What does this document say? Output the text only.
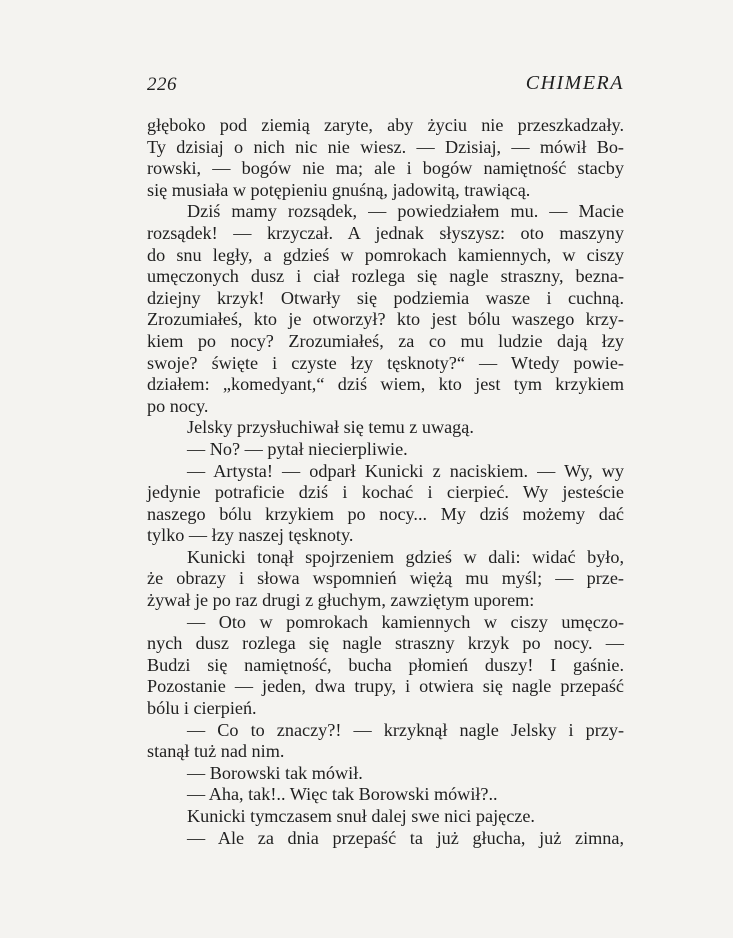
226	CHIMERA
głęboko pod ziemią zaryte, aby życiu nie przeszkadzały.
Ty dzisiaj o nich nic nie wiesz. — Dzisiaj, — mówił Bo-
rowski, — bogów nie ma; ale i bogów namiętność stacby
się musiała w potępieniu gnuśną, jadowitą, trawiącą.
Dziś mamy rozsądek, — powiedziałem mu. — Macie
rozsądek! — krzyczał. A jednak słyszysz: oto maszyny
do snu legły, a gdzieś w pomrokach kamiennych, w ciszy
umęczonych dusz i ciał rozlega się nagle straszny, bezna-
dziejny krzyk! Otwarły się podziemia wasze i cuchną.
Zrozumiałeś, kto je otworzył? kto jest bólu waszego krzy-
kiem po nocy? Zrozumiałeś, za co mu ludzie dają łzy
swoje? święte i czyste łzy tęsknoty?“ — Wtedy powie-
działem: „komedyant,“ dziś wiem, kto jest tym krzykiem
po nocy.
Jelsky przysłuchiwał się temu z uwagą.
— No? — pytał niecierpliwie.
— Artysta! — odparł Kunicki z naciskiem. — Wy, wy
jedynie potraficie dziś i kochać i cierpieć. Wy jesteście
naszego bólu krzykiem po nocy... My dziś możemy dać
tylko — łzy naszej tęsknoty.
Kunicki tonął spojrzeniem gdzieś w dali: widać było,
że obrazy i słowa wspomnień więżą mu myśl; — prze-
żywał je po raz drugi z głuchym, zawziętym uporem:
— Oto w pomrokach kamiennych w ciszy umęczo-
nych dusz rozlega się nagle straszny krzyk po nocy. —
Budzi się namiętność, bucha płomień duszy! I gaśnie.
Pozostanie — jeden, dwa trupy, i otwiera się nagle przepaść
bólu i cierpień.
— Co to znaczy?! — krzyknął nagle Jelsky i przy-
stanął tuż nad nim.
— Borowski tak mówił.
— Aha, tak!.. Więc tak Borowski mówił?..
Kunicki tymczasem snuł dalej swe nici pajęcze.
— Ale za dnia przepaść ta już głucha, już zimna,
